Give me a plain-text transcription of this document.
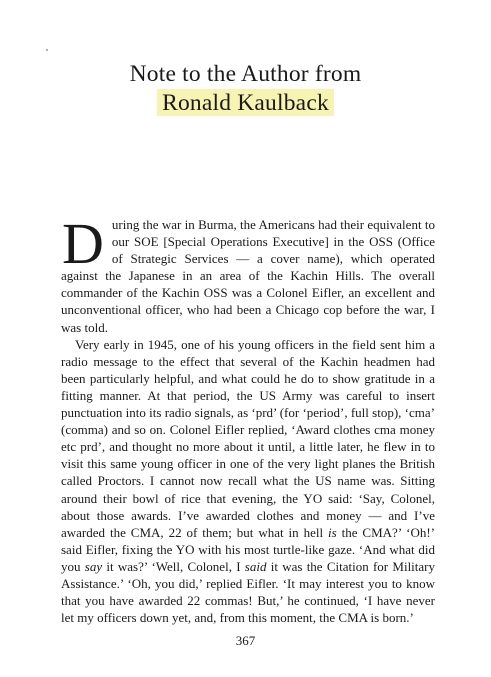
Note to the Author from
Ronald Kaulback

During the war in Burma, the Americans had their equivalent to our SOE [Special Operations Executive] in the OSS (Office of Strategic Services — a cover name), which operated against the Japanese in an area of the Kachin Hills. The overall commander of the Kachin OSS was a Colonel Eifler, an excellent and unconventional officer, who had been a Chicago cop before the war, I was told.

Very early in 1945, one of his young officers in the field sent him a radio message to the effect that several of the Kachin headmen had been particularly helpful, and what could he do to show gratitude in a fitting manner. At that period, the US Army was careful to insert punctuation into its radio signals, as ‘prd’ (for ‘period’, full stop), ‘cma’ (comma) and so on. Colonel Eifler replied, ‘Award clothes cma money etc prd’, and thought no more about it until, a little later, he flew in to visit this same young officer in one of the very light planes the British called Proctors. I cannot now recall what the US name was. Sitting around their bowl of rice that evening, the YO said: ‘Say, Colonel, about those awards. I’ve awarded clothes and money — and I’ve awarded the CMA, 22 of them; but what in hell is the CMA?’ ‘Oh!’ said Eifler, fixing the YO with his most turtle-like gaze. ‘And what did you say it was?’ ‘Well, Colonel, I said it was the Citation for Military Assistance.’ ‘Oh, you did,’ replied Eifler. ‘It may interest you to know that you have awarded 22 commas! But,’ he continued, ‘I have never let my officers down yet, and, from this moment, the CMA is born.’

367
